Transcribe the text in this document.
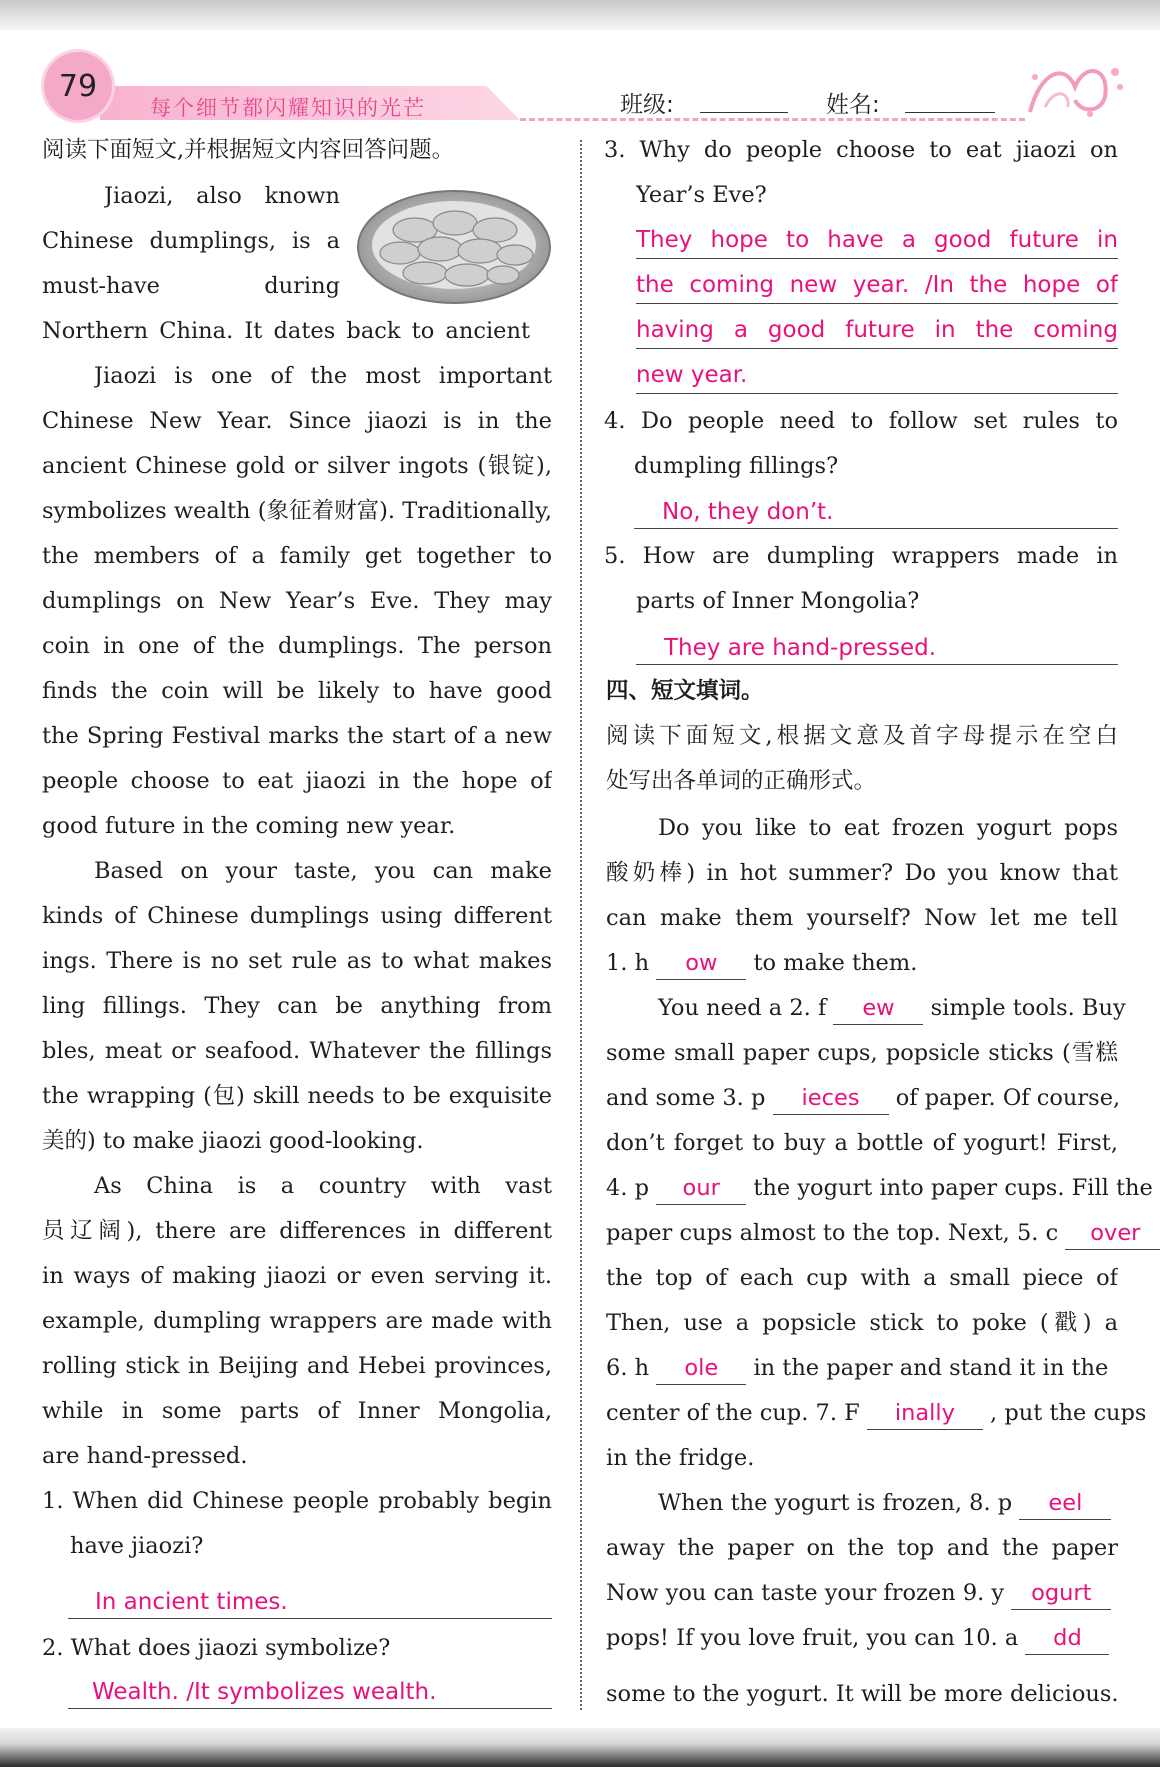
79
每个细节都闪耀知识的光芒	班级:	姓名:
阅读下面短文,并根据短文内容回答问题。
Jiaozi, also known
Chinese dumplings, is a
must-have during
Northern China. It dates back to ancient
Jiaozi is one of the most important
Chinese New Year. Since jiaozi is in the
ancient Chinese gold or silver ingots (银锭),
symbolizes wealth (象征着财富). Traditionally,
the members of a family get together to
dumplings on New Year’s Eve. They may
coin in one of the dumplings. The person
finds the coin will be likely to have good
the Spring Festival marks the start of a new
people choose to eat jiaozi in the hope of
good future in the coming new year.
Based on your taste, you can make
kinds of Chinese dumplings using different
ings. There is no set rule as to what makes
ling fillings. They can be anything from
bles, meat or seafood. Whatever the fillings
the wrapping (包) skill needs to be exquisite
美的) to make jiaozi good-looking.
As China is a country with vast
员辽阔), there are differences in different
in ways of making jiaozi or even serving it.
example, dumpling wrappers are made with
rolling stick in Beijing and Hebei provinces,
while in some parts of Inner Mongolia,
are hand-pressed.
1. When did Chinese people probably begin
have jiaozi?
In ancient times.
2. What does jiaozi symbolize?
Wealth. /It symbolizes wealth.
3. Why do people choose to eat jiaozi on
Year’s Eve?
They hope to have a good future in
the coming new year. /In the hope of
having a good future in the coming
new year.
4. Do people need to follow set rules to
dumpling fillings?
No, they don’t.
5. How are dumpling wrappers made in
parts of Inner Mongolia?
They are hand-pressed.
四、短文填词。
阅读下面短文,根据文意及首字母提示在空白
处写出各单词的正确形式。
Do you like to eat frozen yogurt pops
酸奶棒) in hot summer? Do you know that
can make them yourself? Now let me tell
1. h ow to make them.
You need a 2. f ew simple tools. Buy
some small paper cups, popsicle sticks (雪糕
and some 3. p ieces of paper. Of course,
don’t forget to buy a bottle of yogurt! First,
4. p our the yogurt into paper cups. Fill the
paper cups almost to the top. Next, 5. c over
the top of each cup with a small piece of
Then, use a popsicle stick to poke (戳) a
6. h ole in the paper and stand it in the
center of the cup. 7. F inally , put the cups
in the fridge.
When the yogurt is frozen, 8. p eel
away the paper on the top and the paper
Now you can taste your frozen 9. y ogurt
pops! If you love fruit, you can 10. a dd
some to the yogurt. It will be more delicious.
